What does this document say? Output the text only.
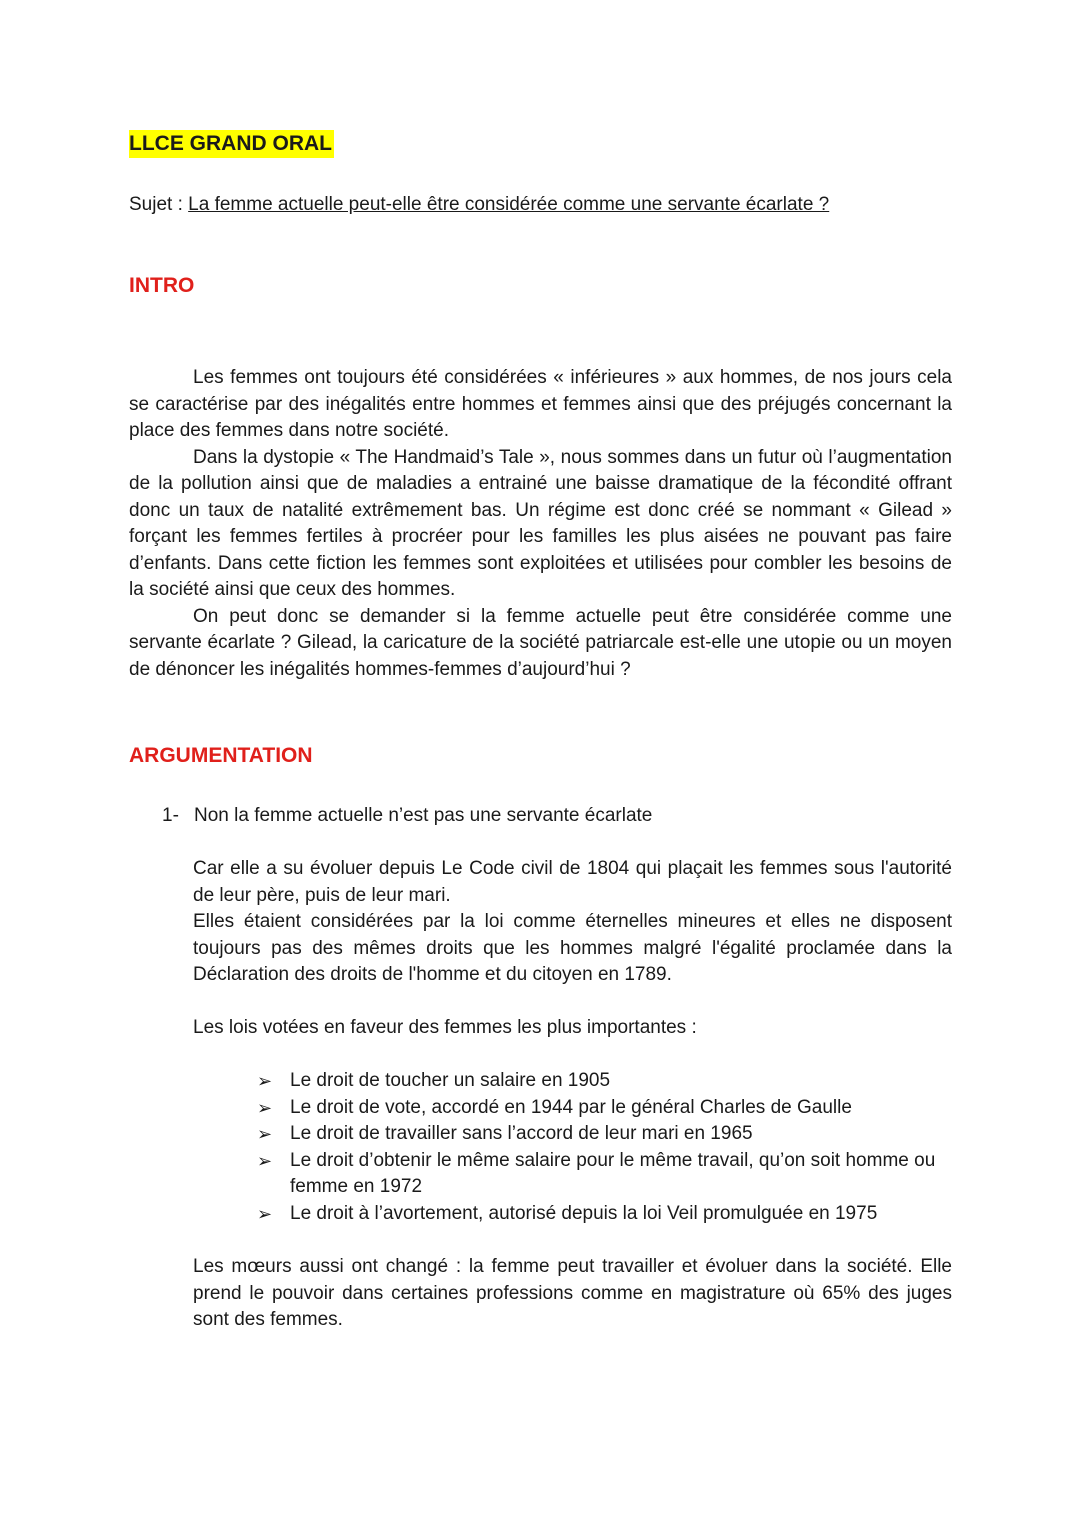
LLCE GRAND ORAL

Sujet : La femme actuelle peut-elle être considérée comme une servante écarlate ?

INTRO

Les femmes ont toujours été considérées « inférieures » aux hommes, de nos jours cela se caractérise par des inégalités entre hommes et femmes ainsi que des préjugés concernant la place des femmes dans notre société.

Dans la dystopie « The Handmaid’s Tale », nous sommes dans un futur où l’augmentation de la pollution ainsi que de maladies a entrainé une baisse dramatique de la fécondité offrant donc un taux de natalité extrêmement bas. Un régime est donc créé se nommant « Gilead » forçant les femmes fertiles à procréer pour les familles les plus aisées ne pouvant pas faire d’enfants. Dans cette fiction les femmes sont exploitées et utilisées pour combler les besoins de la société ainsi que ceux des hommes.

On peut donc se demander si la femme actuelle peut être considérée comme une servante écarlate ? Gilead, la caricature de la société patriarcale est-elle une utopie ou un moyen de dénoncer les inégalités hommes-femmes d’aujourd’hui ?

ARGUMENTATION
1- Non la femme actuelle n’est pas une servante écarlate

Car elle a su évoluer depuis Le Code civil de 1804 qui plaçait les femmes sous l'autorité de leur père, puis de leur mari.

Elles étaient considérées par la loi comme éternelles mineures et elles ne disposent toujours pas des mêmes droits que les hommes malgré l'égalité proclamée dans la Déclaration des droits de l'homme et du citoyen en 1789.

Les lois votées en faveur des femmes les plus importantes :

➢ Le droit de toucher un salaire en 1905
➢ Le droit de vote, accordé en 1944 par le général Charles de Gaulle
➢ Le droit de travailler sans l’accord de leur mari en 1965
➢ Le droit d’obtenir le même salaire pour le même travail, qu’on soit homme ou femme en 1972
➢ Le droit à l’avortement, autorisé depuis la loi Veil promulguée en 1975

Les mœurs aussi ont changé : la femme peut travailler et évoluer dans la société. Elle prend le pouvoir dans certaines professions comme en magistrature où 65% des juges sont des femmes.
